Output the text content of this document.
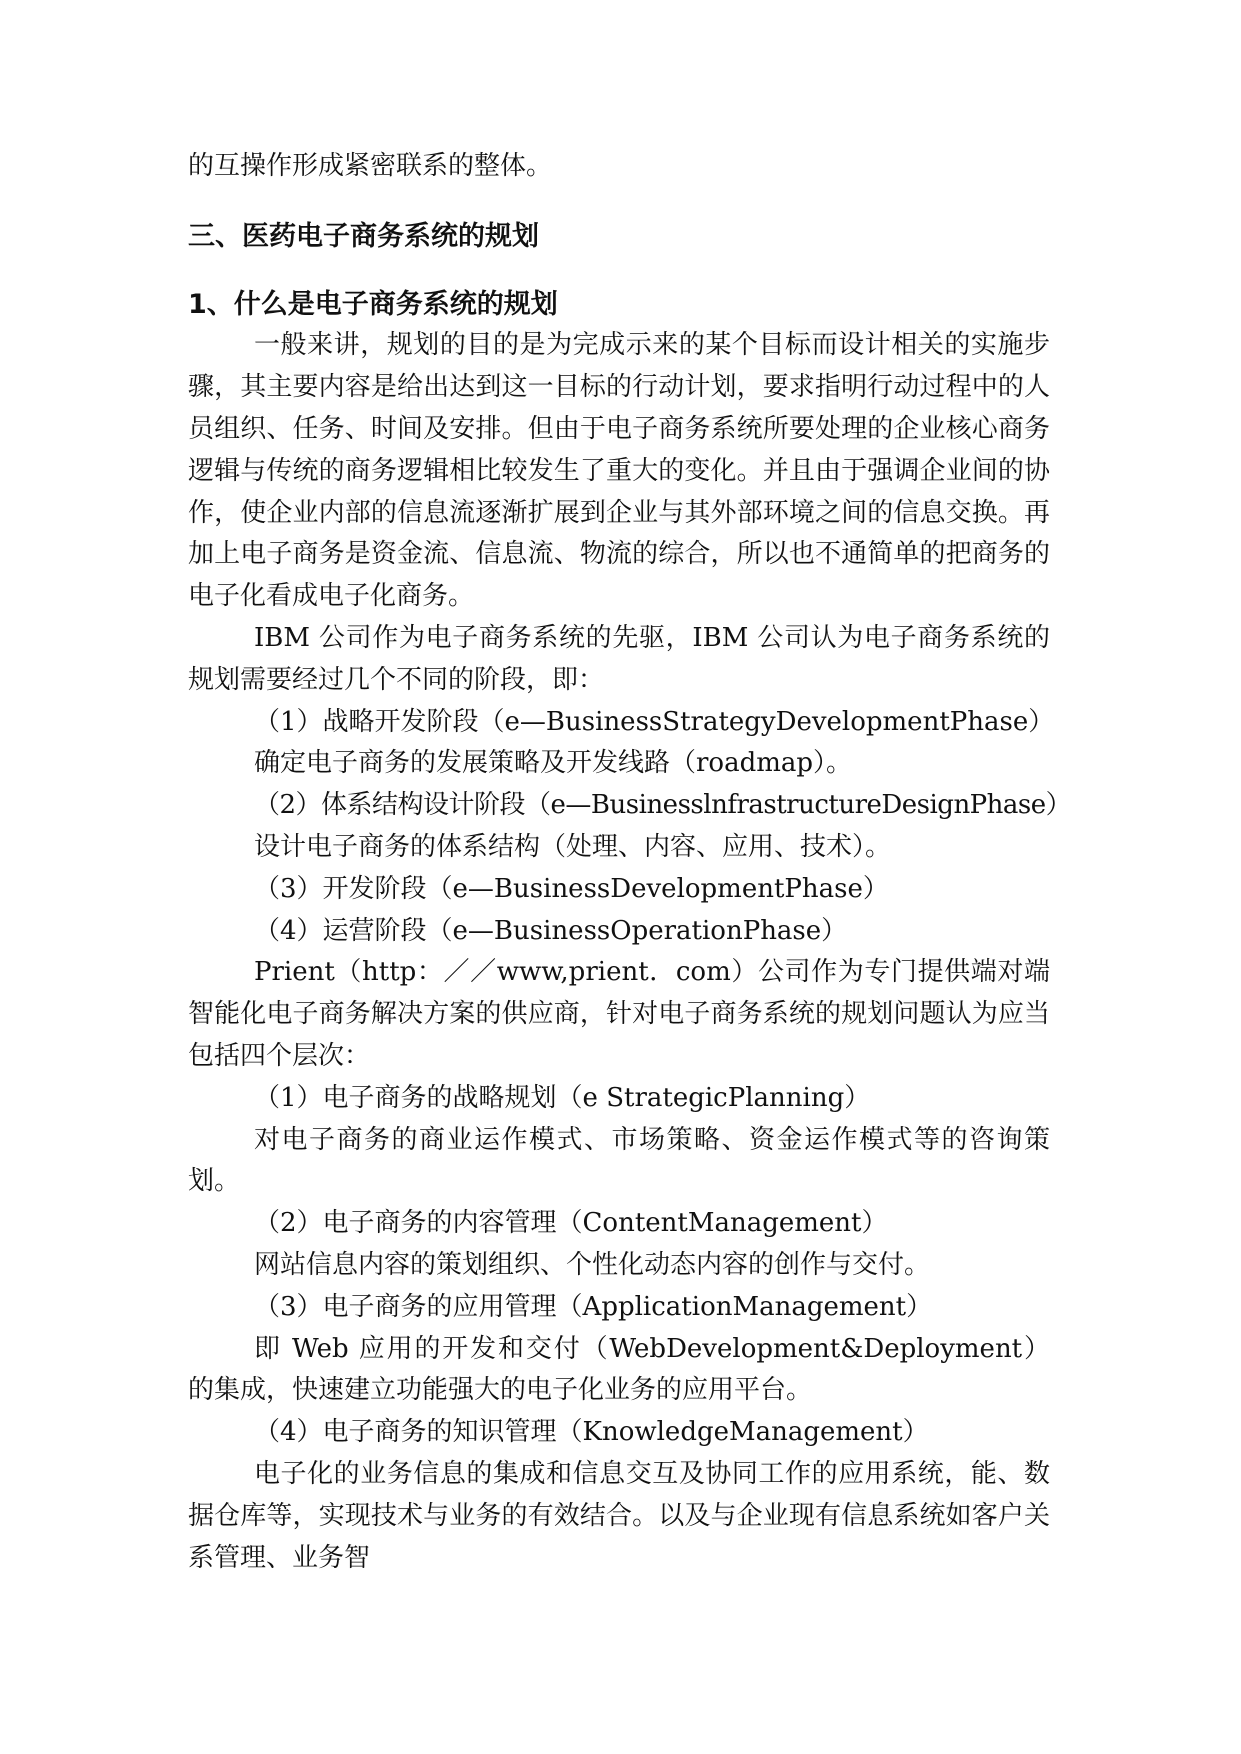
的互操作形成紧密联系的整体。

三、医药电子商务系统的规划

1、什么是电子商务系统的规划

一般来讲，规划的目的是为完成示来的某个目标而设计相关的实施步骤，其主要内容是给出达到这一目标的行动计划，要求指明行动过程中的人员组织、任务、时间及安排。但由于电子商务系统所要处理的企业核心商务逻辑与传统的商务逻辑相比较发生了重大的变化。并且由于强调企业间的协作，使企业内部的信息流逐渐扩展到企业与其外部环境之间的信息交换。再加上电子商务是资金流、信息流、物流的综合，所以也不通简单的把商务的电子化看成电子化商务。

IBM 公司作为电子商务系统的先驱，IBM 公司认为电子商务系统的规划需要经过几个不同的阶段，即：

（1）战略开发阶段（e—BusinessStrategyDevelopmentPhase）

确定电子商务的发展策略及开发线路（roadmap）。

（2）体系结构设计阶段（e—BusinesslnfrastructureDesignPhase）

设计电子商务的体系结构（处理、内容、应用、技术）。

（3）开发阶段（e—BusinessDevelopmentPhase）

（4）运营阶段（e—BusinessOperationPhase）

Prient（http：／／www,prient．com）公司作为专门提供端对端智能化电子商务解决方案的供应商，针对电子商务系统的规划问题认为应当包括四个层次：

（1）电子商务的战略规划（e StrategicPlanning）

对电子商务的商业运作模式、市场策略、资金运作模式等的咨询策划。

（2）电子商务的内容管理（ContentManagement）

网站信息内容的策划组织、个性化动态内容的创作与交付。

（3）电子商务的应用管理（ApplicationManagement）

即 Web 应用的开发和交付（WebDevelopment&Deployment）的集成，快速建立功能强大的电子化业务的应用平台。

（4）电子商务的知识管理（KnowledgeManagement）

电子化的业务信息的集成和信息交互及协同工作的应用系统，能、数据仓库等，实现技术与业务的有效结合。以及与企业现有信息系统如客户关系管理、业务智
